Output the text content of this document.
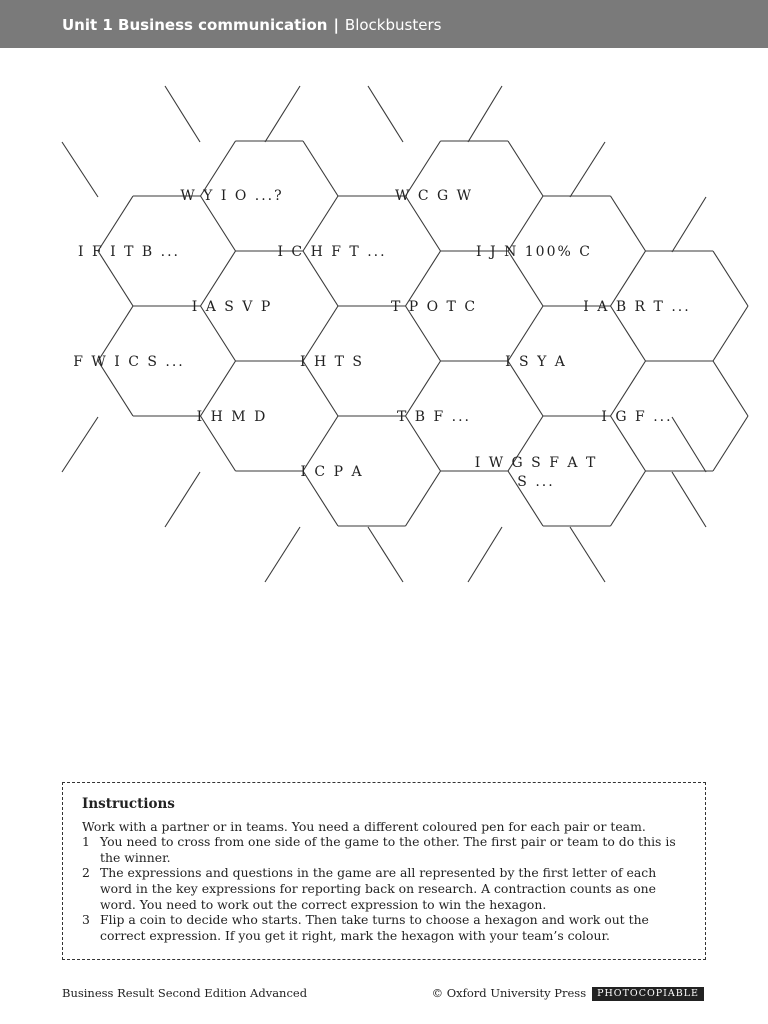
Unit 1 Business communication | Blockbusters
W Y I O ...?	W C G W
I F I T B ...	I C H F T ...	I J N 100% C
I A S V P	T P O T C	I A B R T ...
F W I C S ...	I H T S	I S Y A
I H M D	T B F ...	I G F ...
I C P A
I W G S F A T S ...
Instructions
Work with a partner or in teams. You need a different coloured pen for each pair or team.
1 You need to cross from one side of the game to the other. The first pair or team to do this is the winner.
2 The expressions and questions in the game are all represented by the first letter of each word in the key expressions for reporting back on research. A contraction counts as one word. You need to work out the correct expression to win the hexagon.
3 Flip a coin to decide who starts. Then take turns to choose a hexagon and work out the correct expression. If you get it right, mark the hexagon with your team’s colour.
Business Result Second Edition Advanced	© Oxford University Press PHOTOCOPIABLE
